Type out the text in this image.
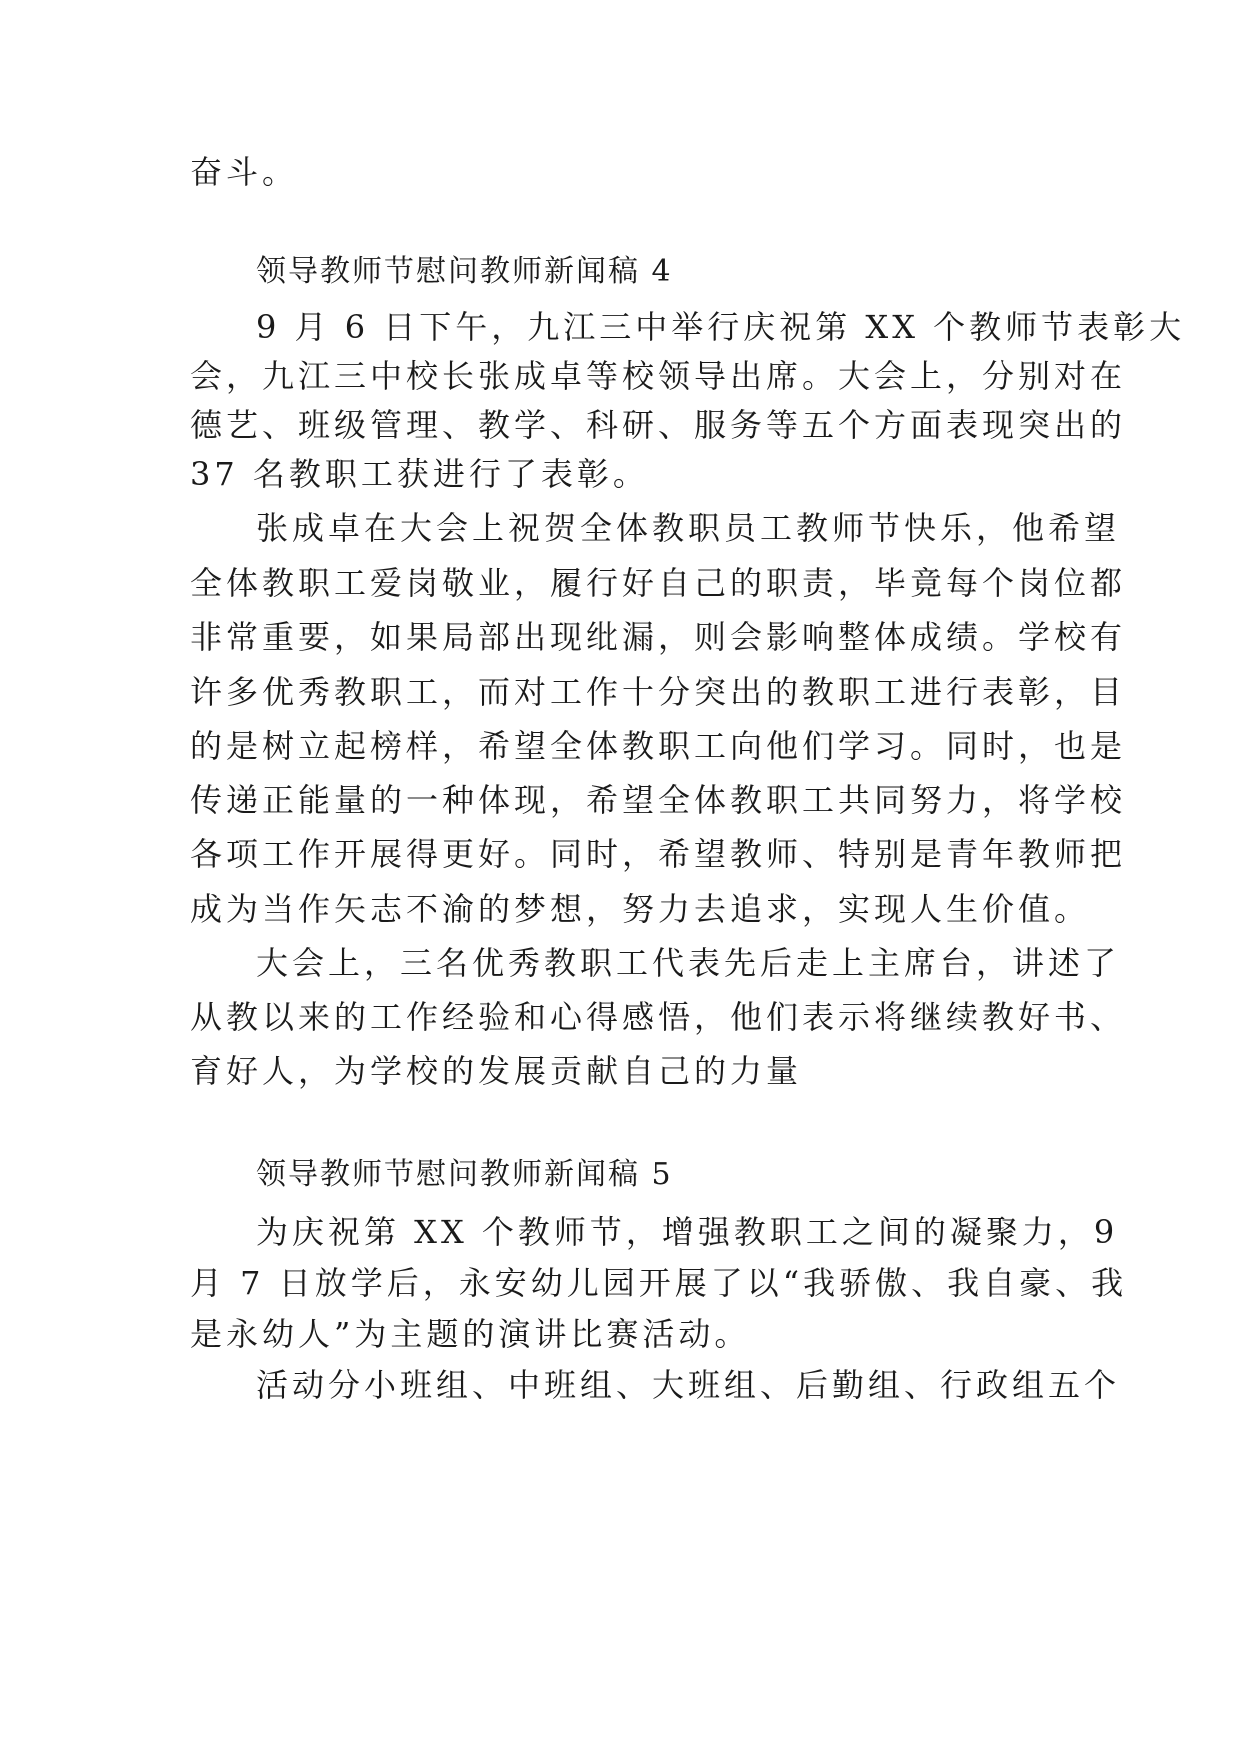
奋斗。
领导教师节慰问教师新闻稿 4
9 月 6 日下午，九江三中举行庆祝第 XX 个教师节表彰大
会，九江三中校长张成卓等校领导出席。大会上，分别对在
德艺、班级管理、教学、科研、服务等五个方面表现突出的
37 名教职工获进行了表彰。
张成卓在大会上祝贺全体教职员工教师节快乐，他希望
全体教职工爱岗敬业，履行好自己的职责，毕竟每个岗位都
非常重要，如果局部出现纰漏，则会影响整体成绩。学校有
许多优秀教职工，而对工作十分突出的教职工进行表彰，目
的是树立起榜样，希望全体教职工向他们学习。同时，也是
传递正能量的一种体现，希望全体教职工共同努力，将学校
各项工作开展得更好。同时，希望教师、特别是青年教师把
成为当作矢志不渝的梦想，努力去追求，实现人生价值。
大会上，三名优秀教职工代表先后走上主席台，讲述了
从教以来的工作经验和心得感悟，他们表示将继续教好书、
育好人，为学校的发展贡献自己的力量
领导教师节慰问教师新闻稿 5
为庆祝第 XX 个教师节，增强教职工之间的凝聚力，9
月 7 日放学后，永安幼儿园开展了以“我骄傲、我自豪、我
是永幼人”为主题的演讲比赛活动。
活动分小班组、中班组、大班组、后勤组、行政组五个
